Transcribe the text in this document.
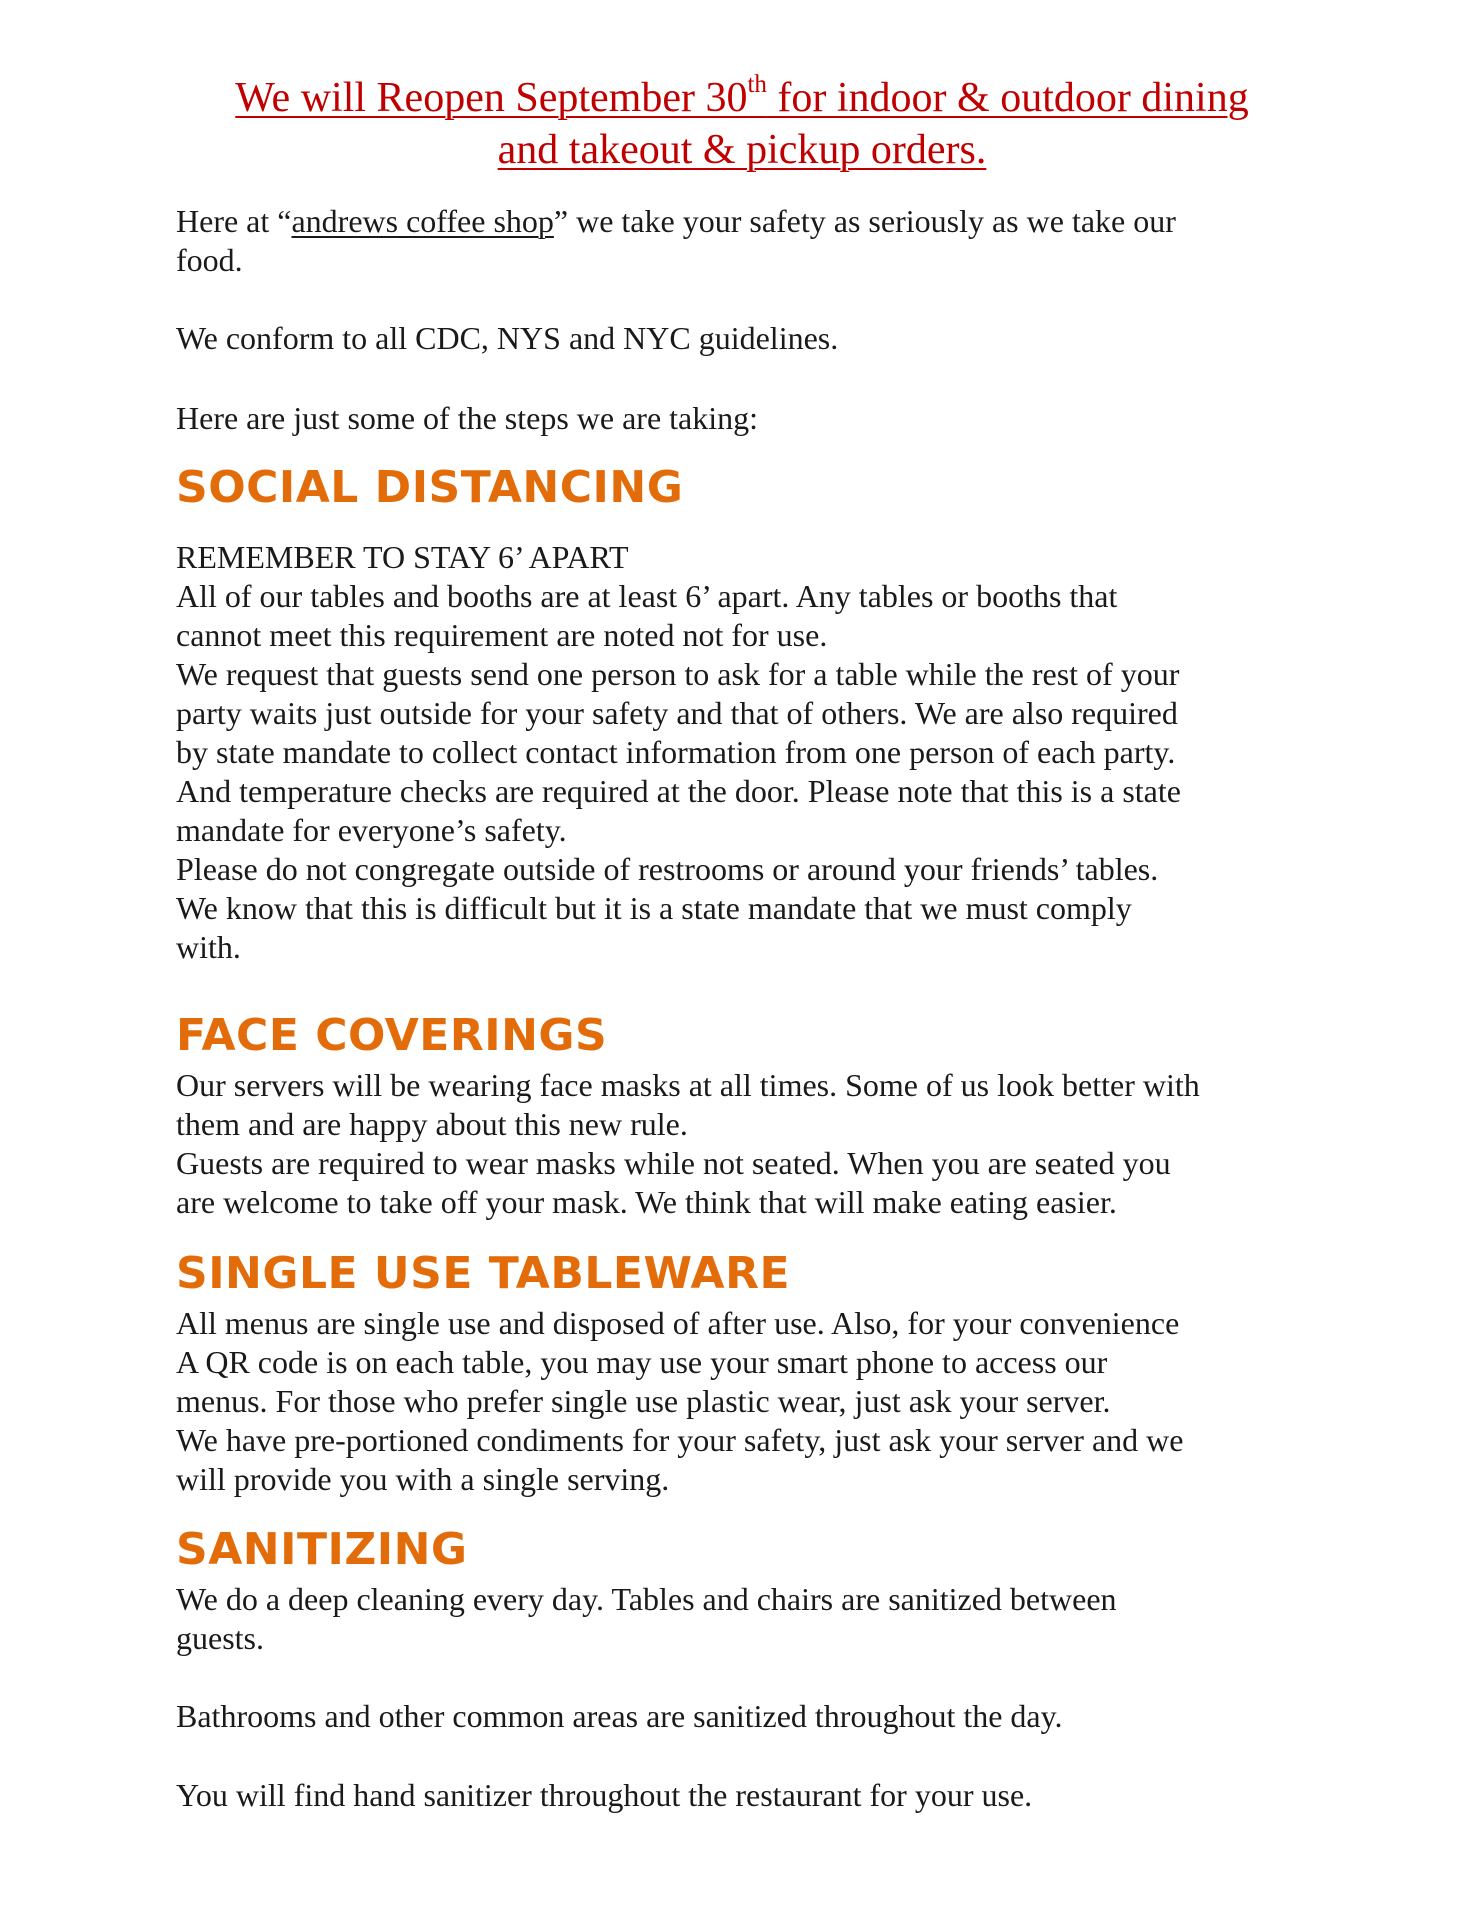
We will Reopen September 30th for indoor & outdoor dining
and takeout & pickup orders.
Here at “andrews coffee shop” we take your safety as seriously as we take our
food.
We conform to all CDC, NYS and NYC guidelines.
Here are just some of the steps we are taking:
SOCIAL DISTANCING
REMEMBER TO STAY 6’ APART
All of our tables and booths are at least 6’ apart. Any tables or booths that
cannot meet this requirement are noted not for use.
We request that guests send one person to ask for a table while the rest of your
party waits just outside for your safety and that of others. We are also required
by state mandate to collect contact information from one person of each party.
And temperature checks are required at the door. Please note that this is a state
mandate for everyone’s safety.
Please do not congregate outside of restrooms or around your friends’ tables.
We know that this is difficult but it is a state mandate that we must comply
with.
FACE COVERINGS
Our servers will be wearing face masks at all times. Some of us look better with
them and are happy about this new rule.
Guests are required to wear masks while not seated. When you are seated you
are welcome to take off your mask. We think that will make eating easier.
SINGLE USE TABLEWARE
All menus are single use and disposed of after use. Also, for your convenience
A QR code is on each table, you may use your smart phone to access our
menus. For those who prefer single use plastic wear, just ask your server.
We have pre-portioned condiments for your safety, just ask your server and we
will provide you with a single serving.
SANITIZING
We do a deep cleaning every day. Tables and chairs are sanitized between
guests.
Bathrooms and other common areas are sanitized throughout the day.
You will find hand sanitizer throughout the restaurant for your use.
